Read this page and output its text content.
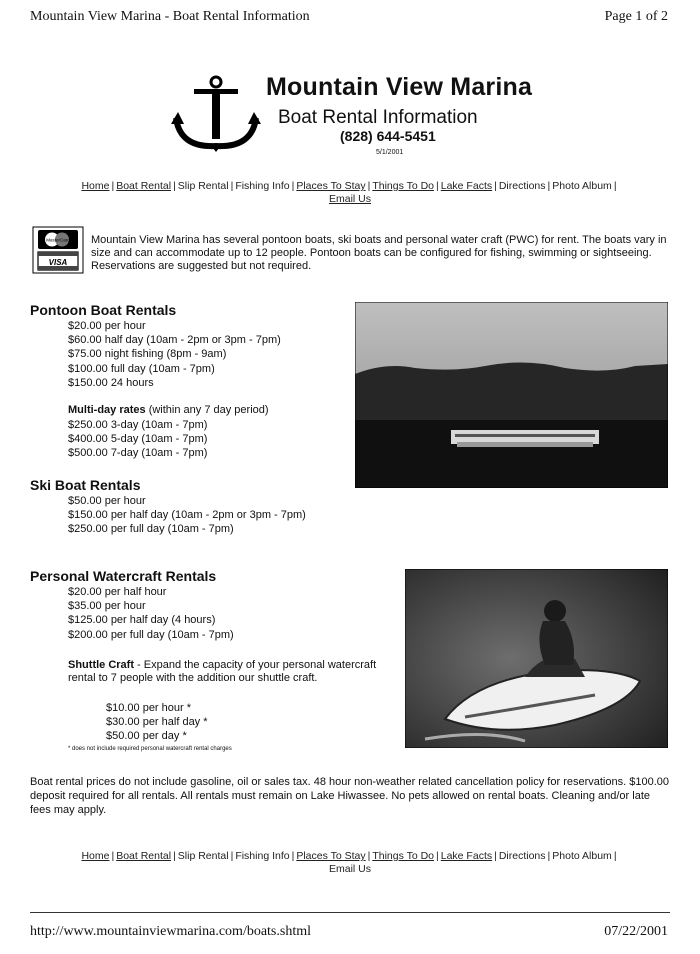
Mountain View Marina - Boat Rental Information	Page 1 of 2
Mountain View Marina
Boat Rental Information
(828) 644-5451
5/1/2001
Home | Boat Rental | Slip Rental | Fishing Info | Places To Stay | Things To Do | Lake Facts | Directions | Photo Album |
Email Us
MasterCard
VISA
Mountain View Marina has several pontoon boats, ski boats and personal water craft (PWC) for rent. The boats vary in size and can accommodate up to 12 people. Pontoon boats can be configured for fishing, swimming or sightseeing. Reservations are suggested but not required.
Pontoon Boat Rentals
$20.00 per hour
$60.00 half day (10am - 2pm or 3pm - 7pm)
$75.00 night fishing (8pm - 9am)
$100.00 full day (10am - 7pm)
$150.00 24 hours
Multi-day rates (within any 7 day period)
$250.00 3-day (10am - 7pm)
$400.00 5-day (10am - 7pm)
$500.00 7-day (10am - 7pm)
Ski Boat Rentals
$50.00 per hour
$150.00 per half day (10am - 2pm or 3pm - 7pm)
$250.00 per full day (10am - 7pm)
Personal Watercraft Rentals
$20.00 per half hour
$35.00 per hour
$125.00 per half day (4 hours)
$200.00 per full day (10am - 7pm)
Shuttle Craft - Expand the capacity of your personal watercraft rental to 7 people with the addition our shuttle craft.
$10.00 per hour *
$30.00 per half day *
$50.00 per day *
* does not include required personal watercraft rental charges
Boat rental prices do not include gasoline, oil or sales tax. 48 hour non-weather related cancellation policy for reservations. $100.00 deposit required for all rentals. All rentals must remain on Lake Hiwassee. No pets allowed on rental boats. Cleaning and/or late fees may apply.
Home | Boat Rental | Slip Rental | Fishing Info | Places To Stay | Things To Do | Lake Facts | Directions | Photo Album |
Email Us
http://www.mountainviewmarina.com/boats.shtml	07/22/2001
